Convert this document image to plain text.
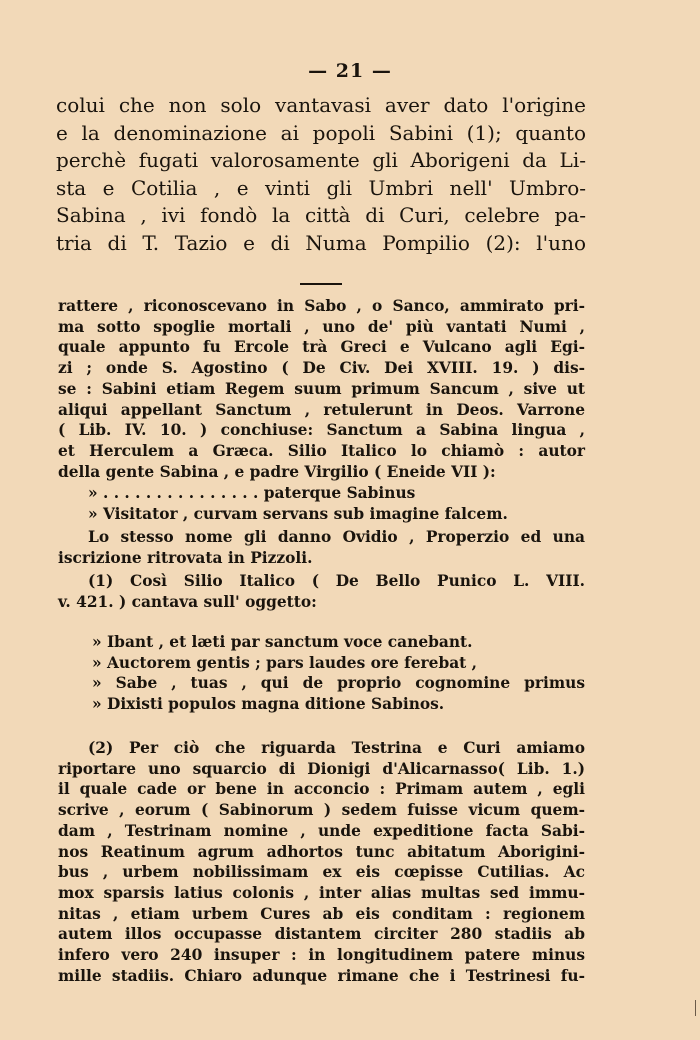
— 21 —
colui che non solo vantavasi aver dato l'origine
e la denominazione ai popoli Sabini (1); quanto
perchè fugati valorosamente gli Aborigeni da Li-
sta e Cotilia , e vinti gli Umbri nell' Umbro-
Sabina , ivi fondò la città di Curi, celebre pa-
tria di T. Tazio e di Numa Pompilio (2): l'uno
rattere , riconoscevano in Sabo , o Sanco, ammirato pri-
ma sotto spoglie mortali , uno de' più vantati Numi ,
quale appunto fu Ercole trà Greci e Vulcano agli Egi-
zi ; onde S. Agostino ( De Civ. Dei XVIII. 19. ) dis-
se : Sabini etiam Regem suum primum Sancum , sive ut
aliqui appellant Sanctum , retulerunt in Deos. Varrone
( Lib. IV. 10. ) conchiuse: Sanctum a Sabina lingua ,
et Herculem a Græca. Silio Italico lo chiamò : autor
della gente Sabina , e padre Virgilio ( Eneide VII ):
» . . . . . . . . . . . . . . . paterque Sabinus
» Visitator , curvam servans sub imagine falcem.
Lo stesso nome gli danno Ovidio , Properzio ed una
iscrizione ritrovata in Pizzoli.
(1) Così Silio Italico ( De Bello Punico L. VIII.
v. 421. ) cantava sull' oggetto:
» Ibant , et læti par sanctum voce canebant.
» Auctorem gentis ; pars laudes ore ferebat ,
» Sabe , tuas , qui de proprio cognomine primus
» Dixisti populos magna ditione Sabinos.
(2) Per ciò che riguarda Testrina e Curi amiamo
riportare uno squarcio di Dionigi d'Alicarnasso( Lib. 1.)
il quale cade or bene in acconcio : Primam autem , egli
scrive , eorum ( Sabinorum ) sedem fuisse vicum quem-
dam , Testrinam nomine , unde expeditione facta Sabi-
nos Reatinum agrum adhortos tunc abitatum Aborigini-
bus , urbem nobilissimam ex eis cœpisse Cutilias. Ac
mox sparsis latius colonis , inter alias multas sed immu-
nitas , etiam urbem Cures ab eis conditam : regionem
autem illos occupasse distantem circiter 280 stadiis ab
infero vero 240 insuper : in longitudinem patere minus
mille stadiis. Chiaro adunque rimane che i Testrinesi fu-
